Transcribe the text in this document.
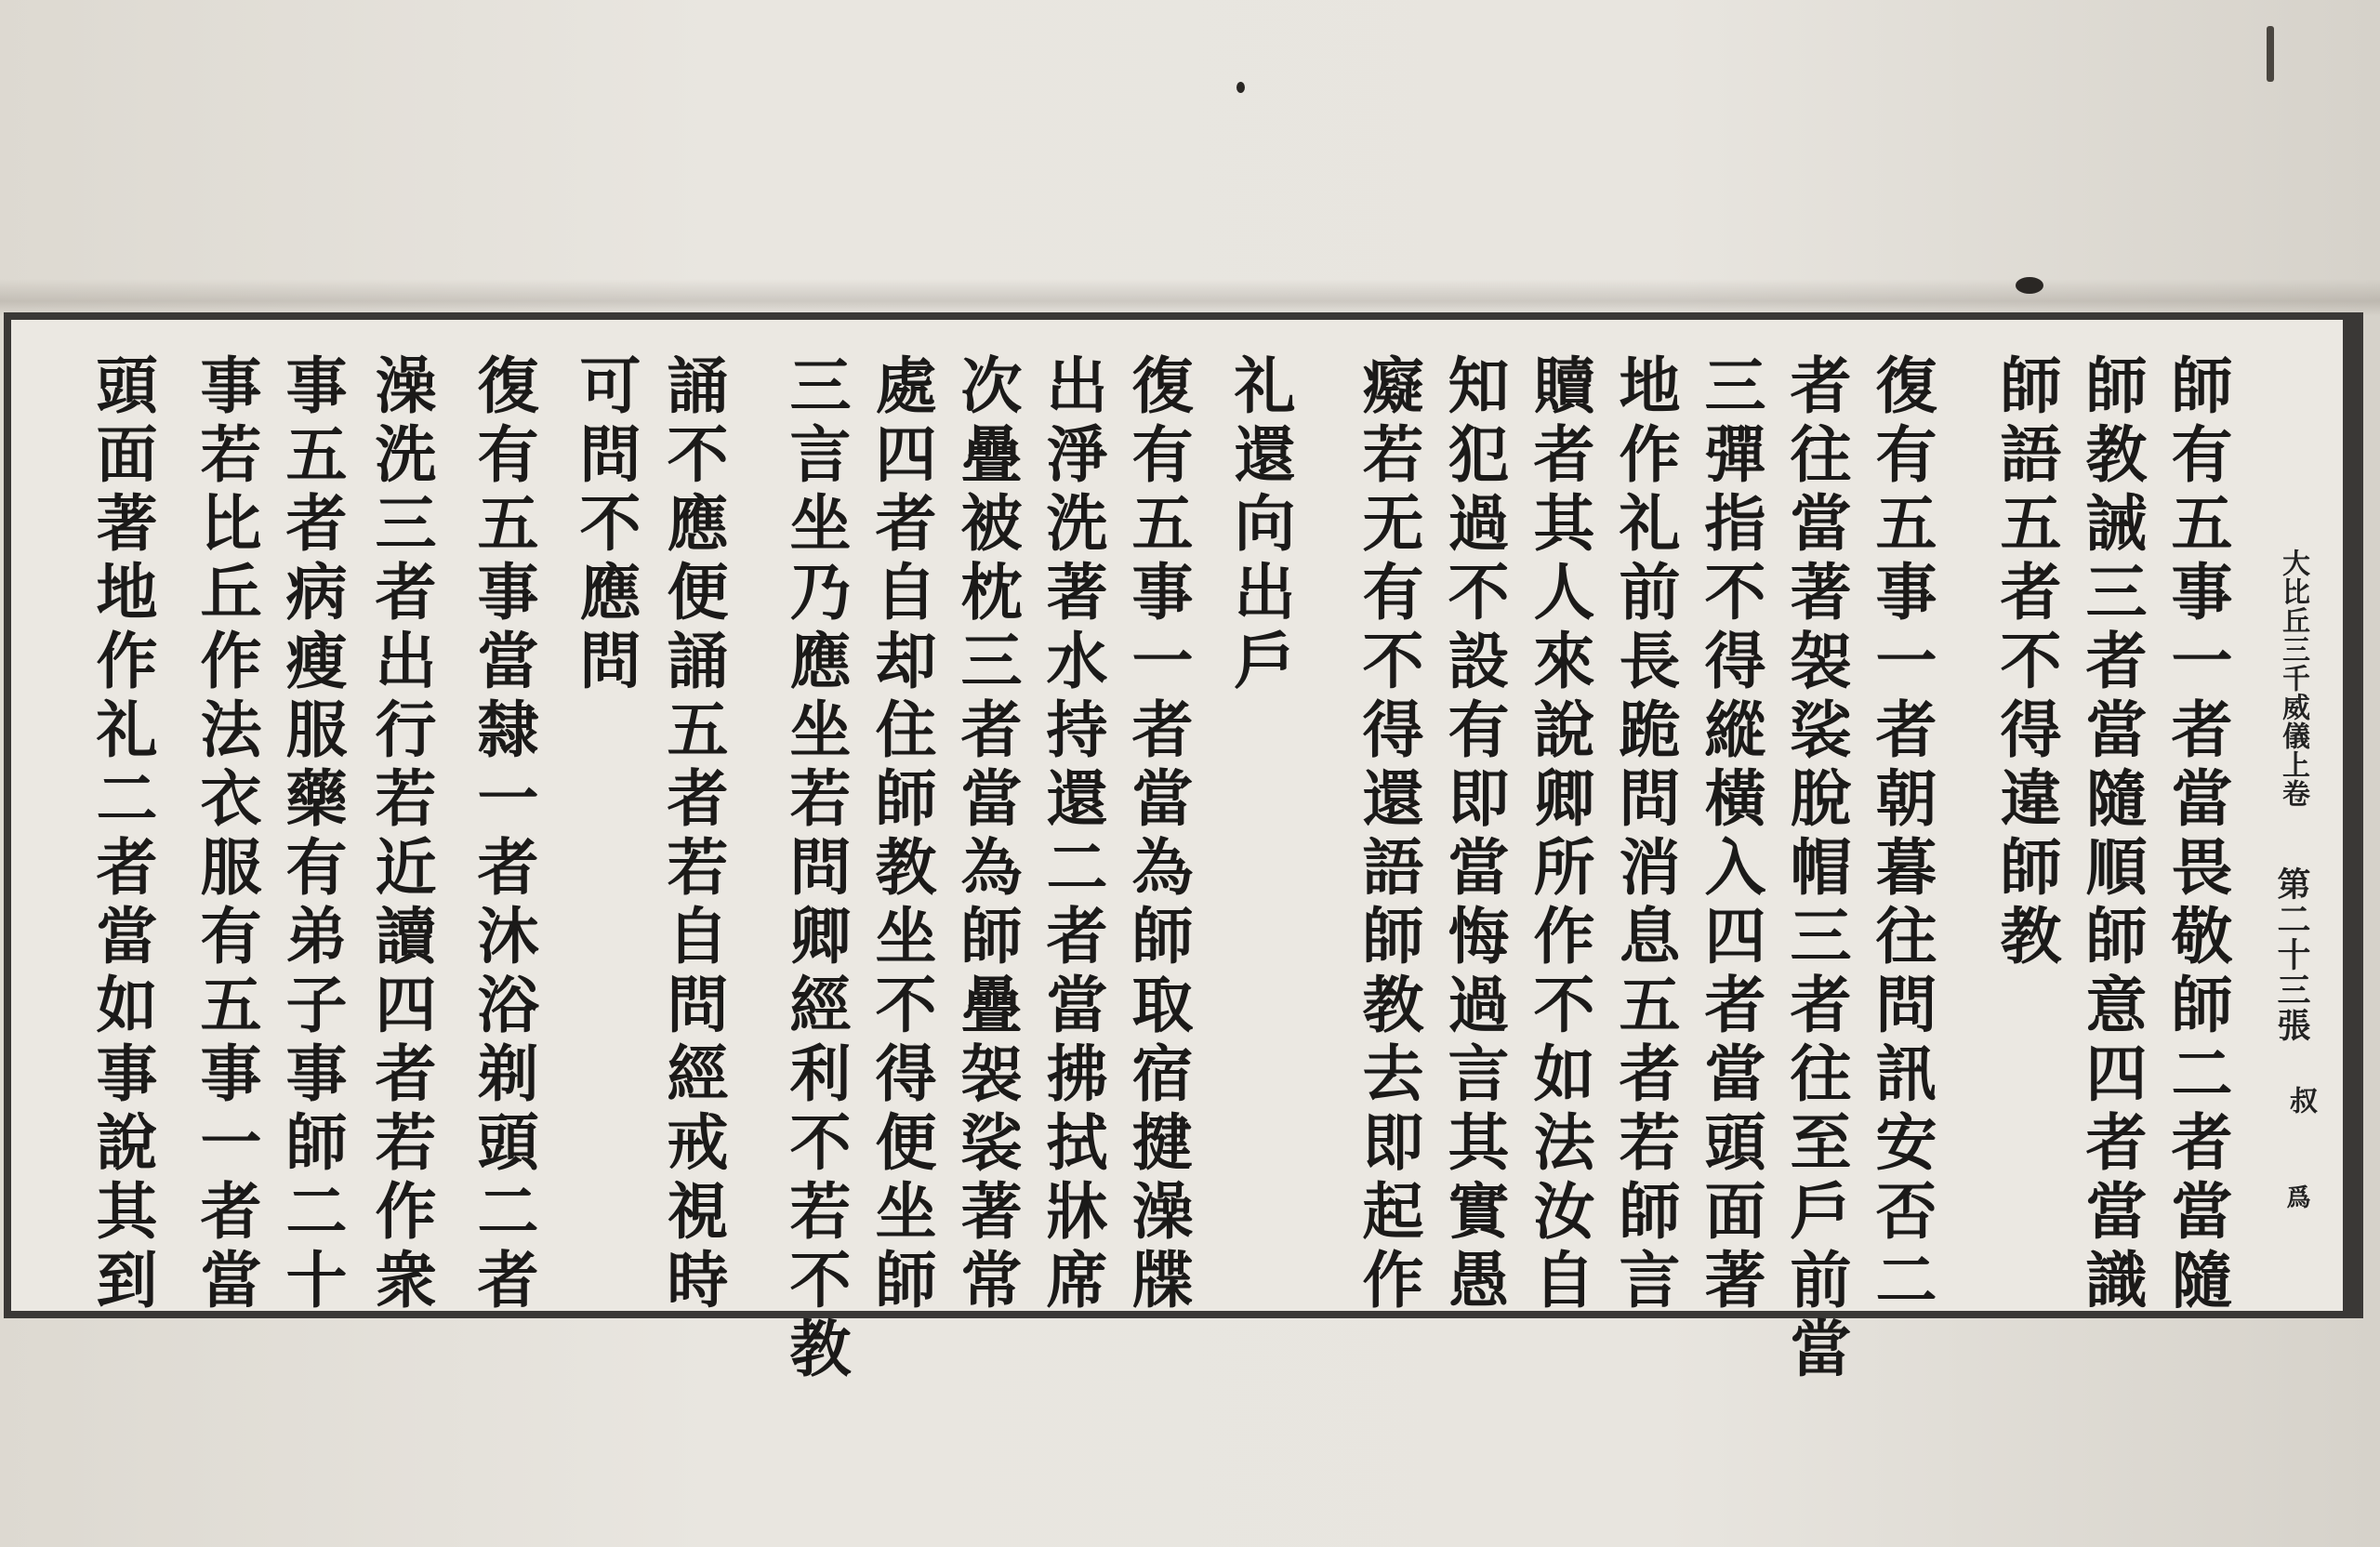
師有五事一者當畏敬師二者當隨
師教誡三者當隨順師意四者當識
師語五者不得違師教
復有五事一者朝暮往問訊安否二
者往當著袈裟脫帽三者往至戶前當
三彈指不得縱橫入四者當頭面著
地作礼前長跪問消息五者若師言
贖者其人來說卿所作不如法汝自
知犯過不設有即當悔過言其實愚
癡若无有不得還語師教去即起作
礼還向出戶
復有五事一者當為師取宿揵澡牒
出淨洗著水持還二者當拂拭牀席
次疊被枕三者當為師疊袈裟著常
處四者自却住師教坐不得便坐師
三言坐乃應坐若問卿經利不若不教
誦不應便誦五者若自問經戒視時
可問不應問
復有五事當隸一者沐浴剃頭二者
澡洗三者出行若近讀四者若作衆
事五者病瘦服藥有弟子事師二十
事若比丘作法衣服有五事一者當
頭面著地作礼二者當如事說其到	大比丘三千威儀上卷
第二十三張
叔
爲
